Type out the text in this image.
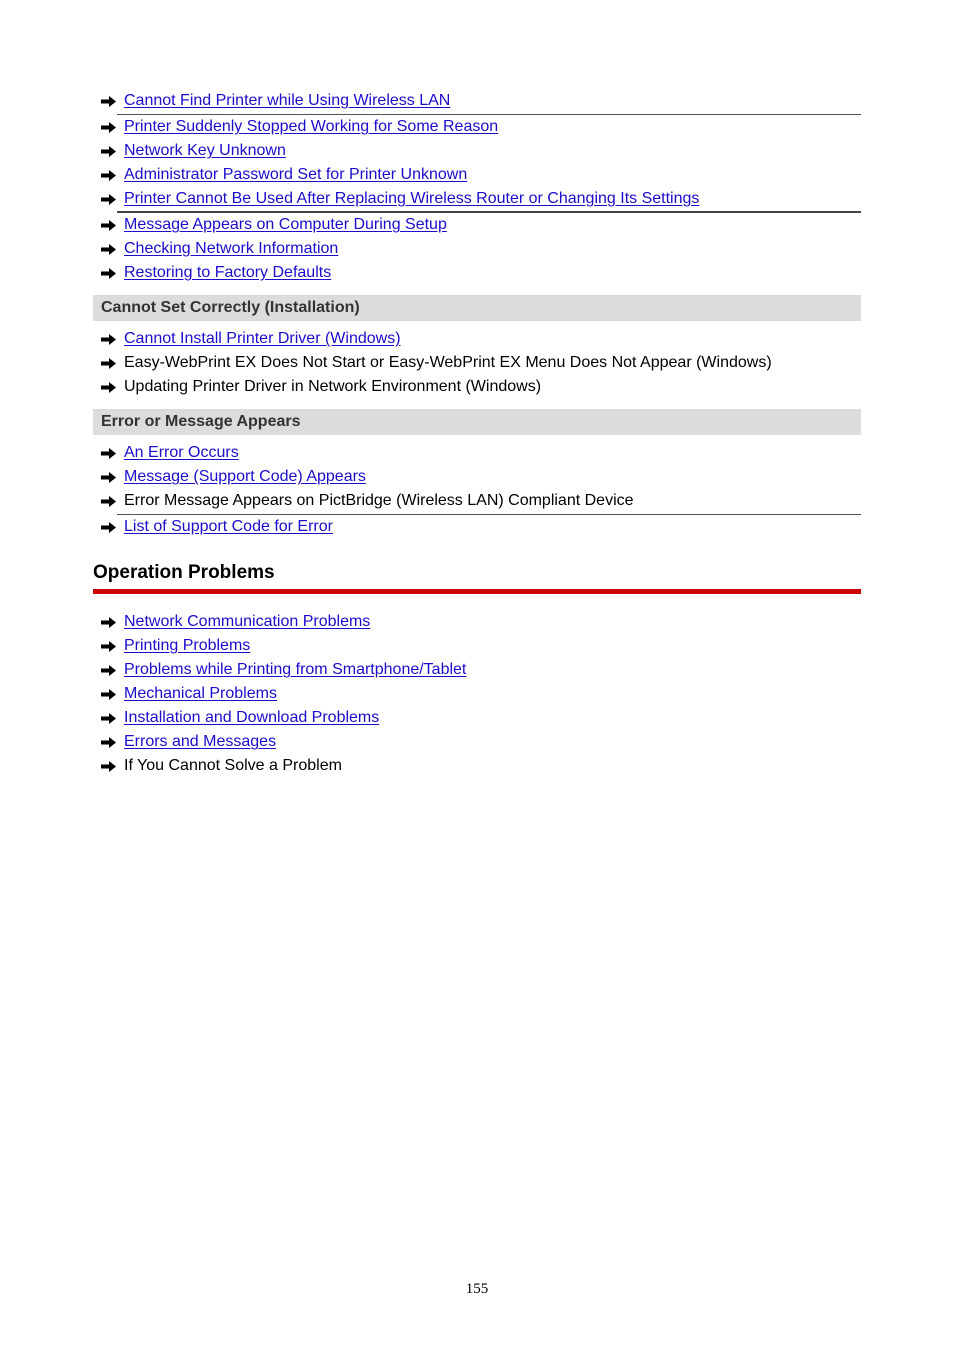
Cannot Find Printer while Using Wireless LAN
Printer Suddenly Stopped Working for Some Reason
Network Key Unknown
Administrator Password Set for Printer Unknown
Printer Cannot Be Used After Replacing Wireless Router or Changing Its Settings
Message Appears on Computer During Setup
Checking Network Information
Restoring to Factory Defaults
Cannot Set Correctly (Installation)
Cannot Install Printer Driver (Windows)
Easy-WebPrint EX Does Not Start or Easy-WebPrint EX Menu Does Not Appear (Windows)
Updating Printer Driver in Network Environment (Windows)
Error or Message Appears
An Error Occurs
Message (Support Code) Appears
Error Message Appears on PictBridge (Wireless LAN) Compliant Device
List of Support Code for Error
Operation Problems
Network Communication Problems
Printing Problems
Problems while Printing from Smartphone/Tablet
Mechanical Problems
Installation and Download Problems
Errors and Messages
If You Cannot Solve a Problem
155
